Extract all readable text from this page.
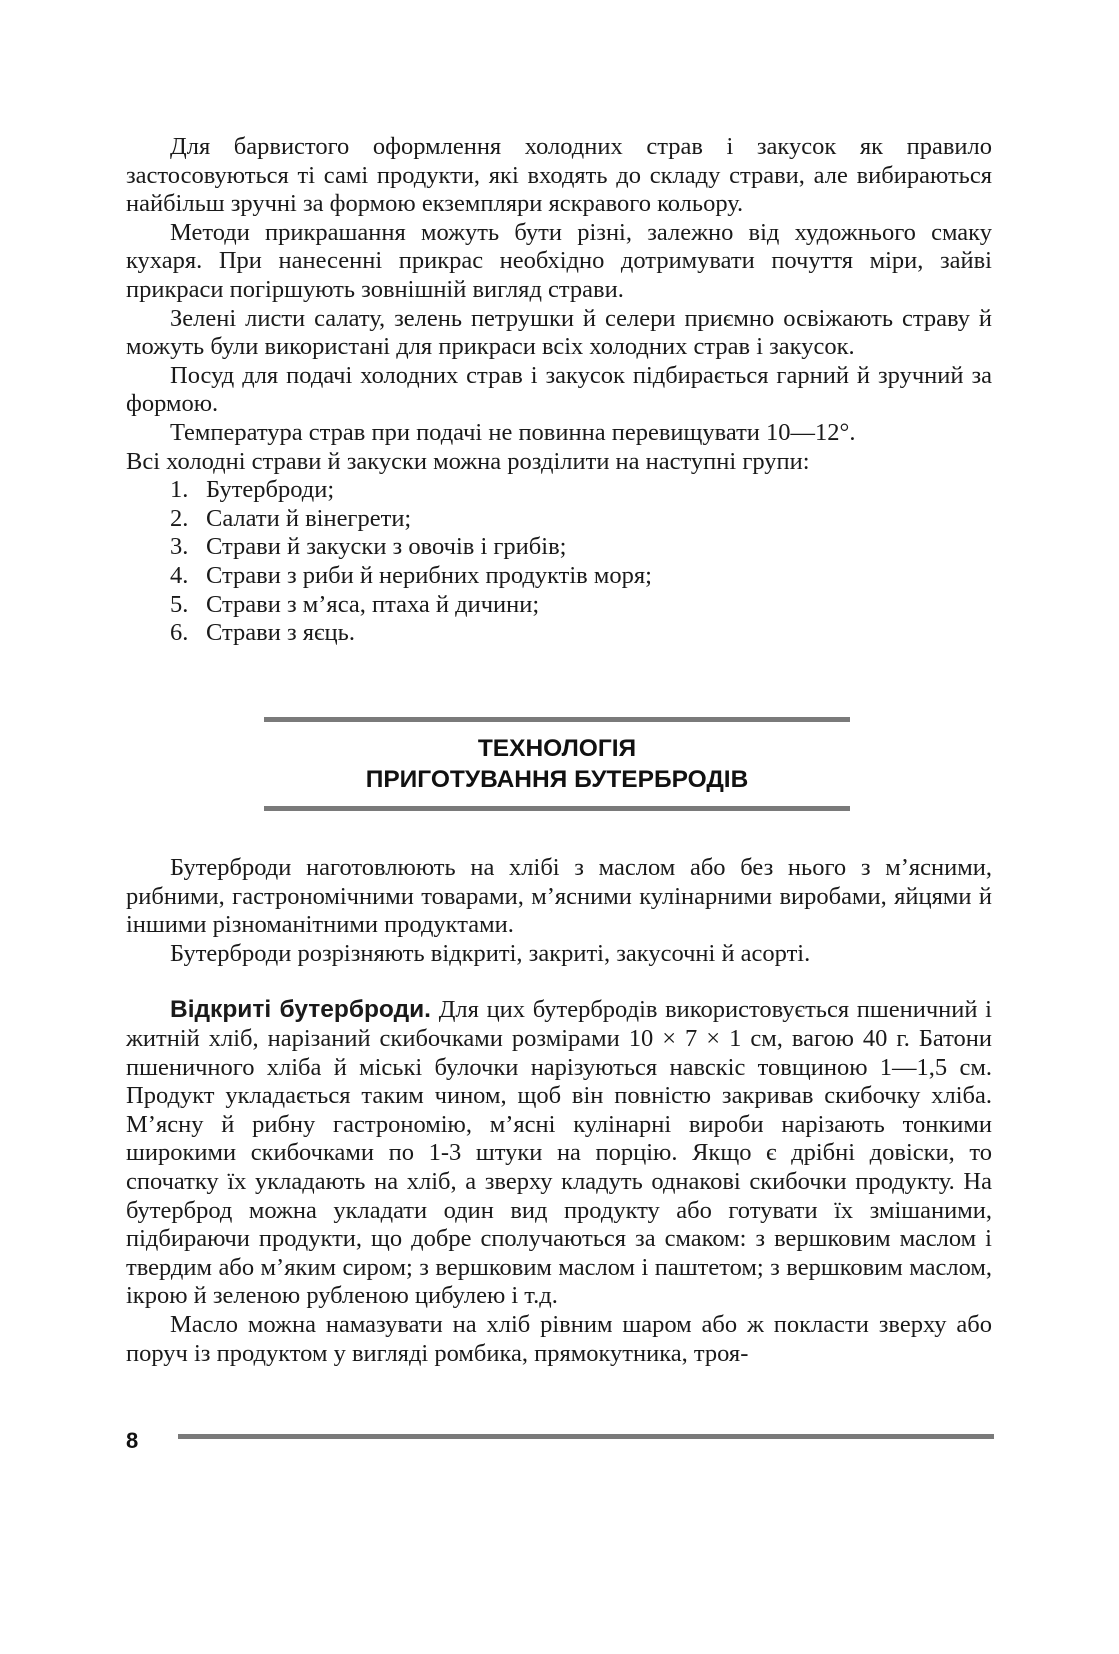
Для барвистого оформлення холодних страв і закусок як правило застосовуються ті самі продукти, які входять до складу страви, але вибираються найбільш зручні за формою екземпляри яскравого кольору.

Методи прикрашання можуть бути різні, залежно від художнього смаку кухаря. При нанесенні прикрас необхідно дотримувати почуття міри, зайві прикраси погіршують зовнішній вигляд страви.

Зелені листи салату, зелень петрушки й селери приємно освіжають страву й можуть були використані для прикраси всіх холодних страв і закусок.

Посуд для подачі холодних страв і закусок підбирається гарний й зручний за формою.

Температура страв при подачі не повинна перевищувати 10—12°.

Всі холодні страви й закуски можна розділити на наступні групи:

1. Бутерброди;
2. Салати й вінегрети;
3. Страви й закуски з овочів і грибів;
4. Страви з риби й нерибних продуктів моря;
5. Страви з м’яса, птаха й дичини;
6. Страви з яєць.
ТЕХНОЛОГІЯ
ПРИГОТУВАННЯ БУТЕРБРОДІВ

Бутерброди наготовлюють на хлібі з маслом або без нього з м’ясними, рибними, гастрономічними товарами, м’ясними кулінарними виробами, яйцями й іншими різноманітними продуктами.

Бутерброди розрізняють відкриті, закриті, закусочні й асорті.

Відкриті бутерброди. Для цих бутербродів використовується пшеничний і житній хліб, нарізаний скибочками розмірами 10 × 7 × 1 см, вагою 40 г. Батони пшеничного хліба й міські булочки нарізуються навскіс товщиною 1—1,5 см. Продукт укладається таким чином, щоб він повністю закривав скибочку хліба. М’ясну й рибну гастрономію, м’ясні кулінарні вироби нарізають тонкими широкими скибочками по 1-3 штуки на порцію. Якщо є дрібні довіски, то спочатку їх укладають на хліб, а зверху кладуть однакові скибочки продукту. На бутерброд можна укладати один вид продукту або готувати їх змішаними, підбираючи продукти, що добре сполучаються за смаком: з вершковим маслом і твердим або м’яким сиром; з вершковим маслом і паштетом; з вершковим маслом, ікрою й зеленою рубленою цибулею і т.д.

Масло можна намазувати на хліб рівним шаром або ж покласти зверху або поруч із продуктом у вигляді ромбика, прямокутника, троя-

8
